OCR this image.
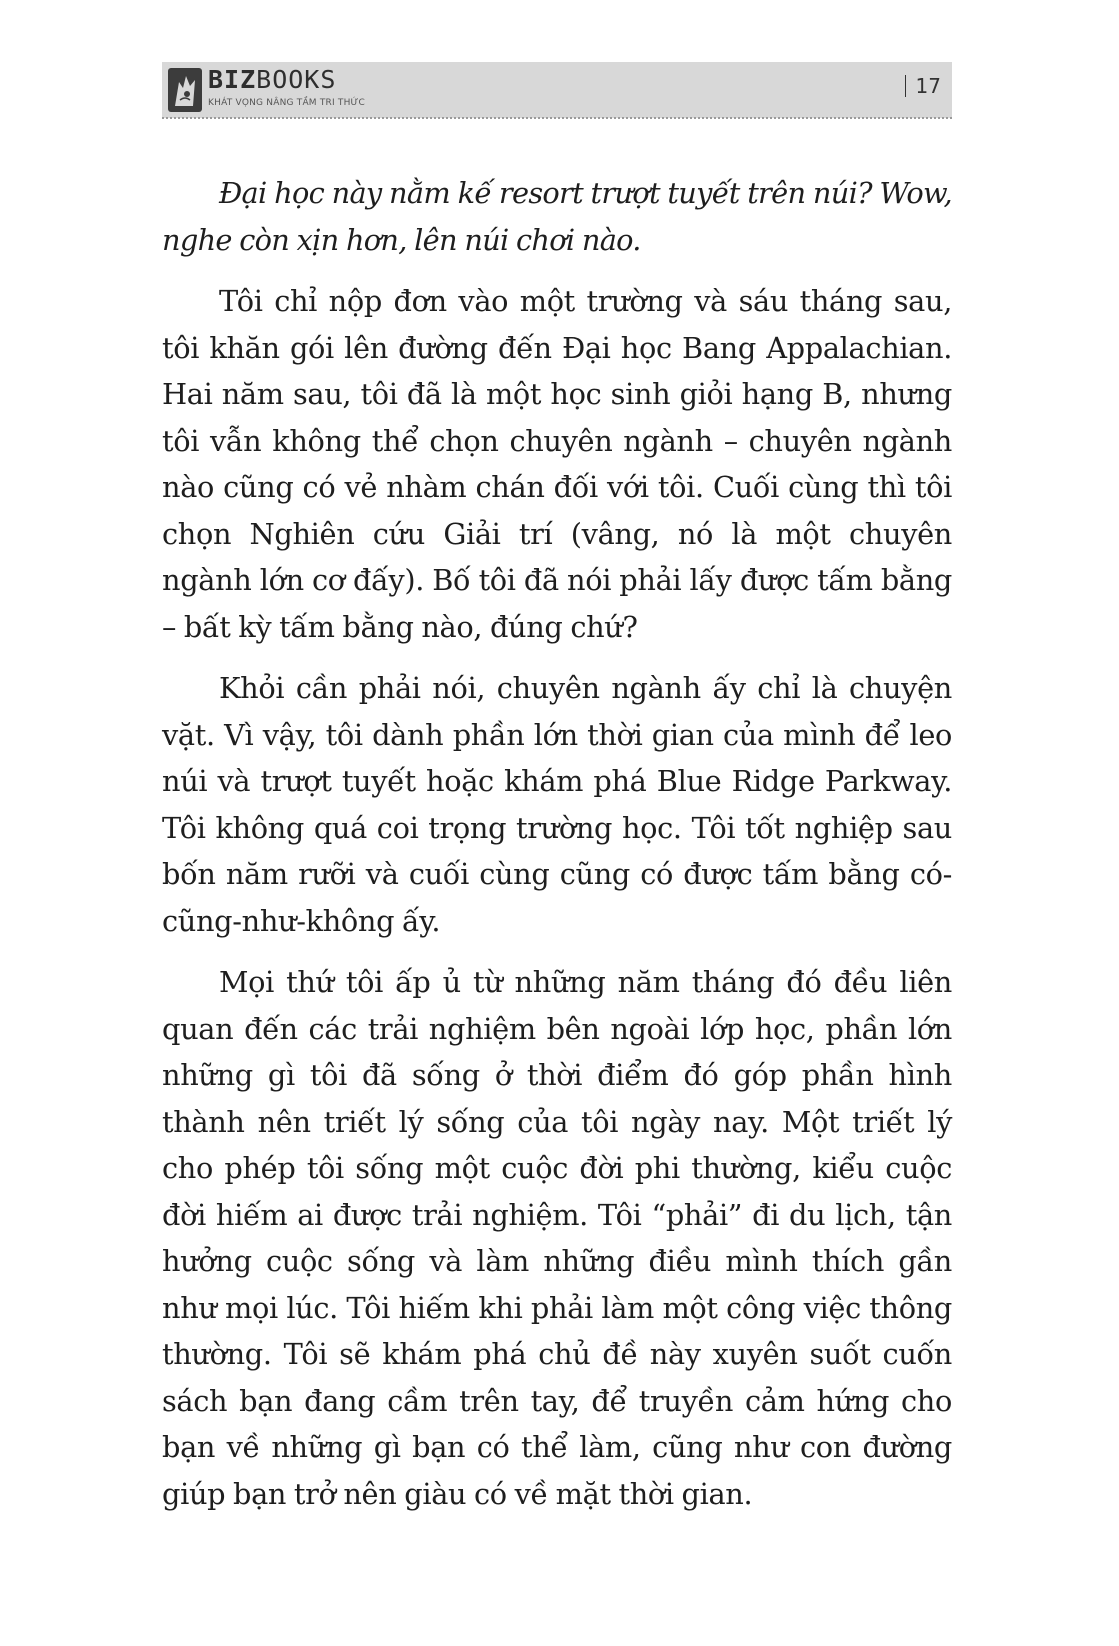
BIZBOOKS
KHÁT VỌNG NÂNG TẦM TRI THỨC
17

Đại học này nằm kế resort trượt tuyết trên núi? Wow, nghe còn xịn hơn, lên núi chơi nào.

Tôi chỉ nộp đơn vào một trường và sáu tháng sau, tôi khăn gói lên đường đến Đại học Bang Appalachian. Hai năm sau, tôi đã là một học sinh giỏi hạng B, nhưng tôi vẫn không thể chọn chuyên ngành – chuyên ngành nào cũng có vẻ nhàm chán đối với tôi. Cuối cùng thì tôi chọn Nghiên cứu Giải trí (vâng, nó là một chuyên ngành lớn cơ đấy). Bố tôi đã nói phải lấy được tấm bằng – bất kỳ tấm bằng nào, đúng chứ?

Khỏi cần phải nói, chuyên ngành ấy chỉ là chuyện vặt. Vì vậy, tôi dành phần lớn thời gian của mình để leo núi và trượt tuyết hoặc khám phá Blue Ridge Parkway. Tôi không quá coi trọng trường học. Tôi tốt nghiệp sau bốn năm rưỡi và cuối cùng cũng có được tấm bằng có-cũng-như-không ấy.

Mọi thứ tôi ấp ủ từ những năm tháng đó đều liên quan đến các trải nghiệm bên ngoài lớp học, phần lớn những gì tôi đã sống ở thời điểm đó góp phần hình thành nên triết lý sống của tôi ngày nay. Một triết lý cho phép tôi sống một cuộc đời phi thường, kiểu cuộc đời hiếm ai được trải nghiệm. Tôi “phải” đi du lịch, tận hưởng cuộc sống và làm những điều mình thích gần như mọi lúc. Tôi hiếm khi phải làm một công việc thông thường. Tôi sẽ khám phá chủ đề này xuyên suốt cuốn sách bạn đang cầm trên tay, để truyền cảm hứng cho bạn về những gì bạn có thể làm, cũng như con đường giúp bạn trở nên giàu có về mặt thời gian.
